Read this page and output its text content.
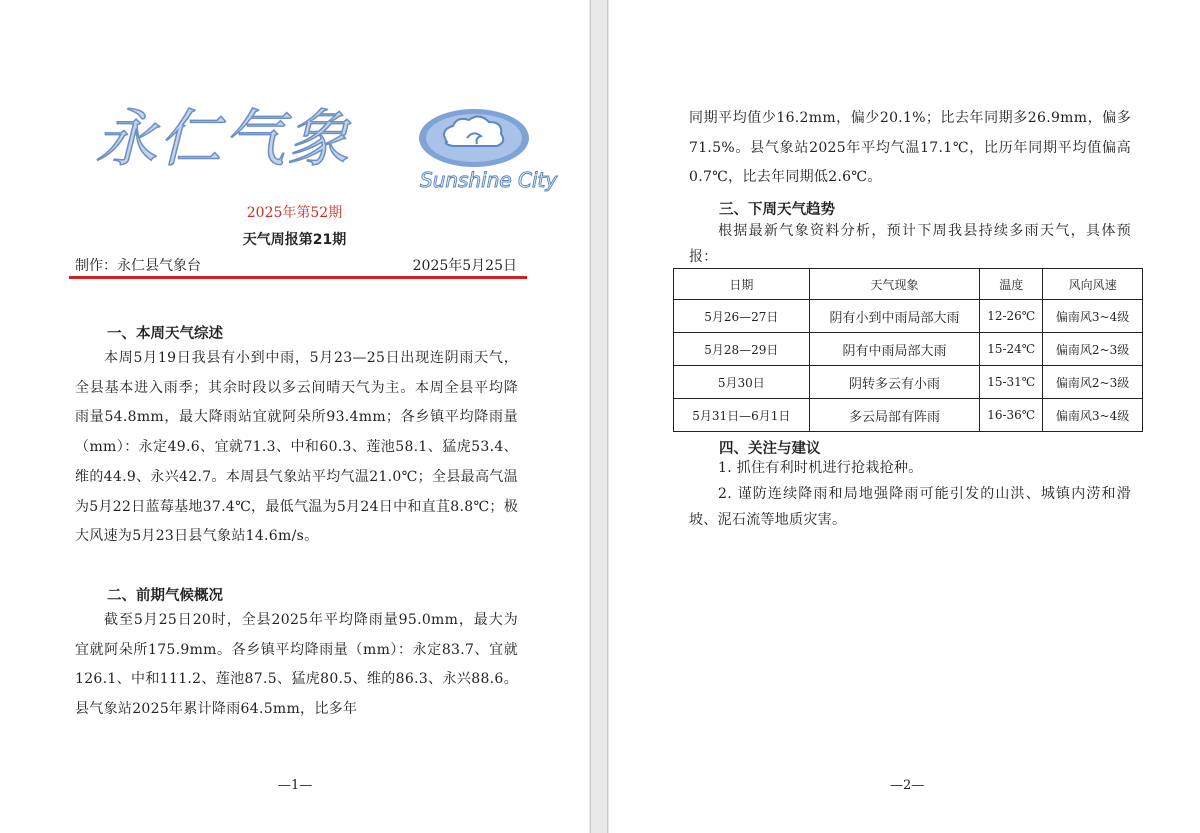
永仁气象
Sunshine City
2025年第52期
天气周报第21期
制作：永仁县气象台	2025年5月25日
一、本周天气综述
本周5月19日我县有小到中雨，5月23—25日出现连阴雨天气，全县基本进入雨季；其余时段以多云间晴天气为主。本周全县平均降雨量54.8mm，最大降雨站宜就阿朵所93.4mm；各乡镇平均降雨量（mm）：永定49.6、宜就71.3、中和60.3、莲池58.1、猛虎53.4、维的44.9、永兴42.7。本周县气象站平均气温21.0℃；全县最高气温为5月22日蓝莓基地37.4℃，最低气温为5月24日中和直苴8.8℃；极大风速为5月23日县气象站14.6m/s。
二、前期气候概况
截至5月25日20时，全县2025年平均降雨量95.0mm，最大为宜就阿朵所175.9mm。各乡镇平均降雨量（mm）：永定83.7、宜就126.1、中和111.2、莲池87.5、猛虎80.5、维的86.3、永兴88.6。县气象站2025年累计降雨64.5mm，比多年
—1—
同期平均值少16.2mm，偏少20.1%；比去年同期多26.9mm，偏多71.5%。县气象站2025年平均气温17.1℃，比历年同期平均值偏高0.7℃，比去年同期低2.6℃。
三、下周天气趋势
根据最新气象资料分析，预计下周我县持续多雨天气，具体预报：
四、关注与建议
1. 抓住有利时机进行抢栽抢种。
2. 谨防连续降雨和局地强降雨可能引发的山洪、城镇内涝和滑坡、泥石流等地质灾害。
—2—
日期	天气现象	温度	风向风速
5月26—27日	阴有小到中雨局部大雨	12-26℃	偏南风3~4级
5月28—29日	阴有中雨局部大雨	15-24℃	偏南风2~3级
5月30日	阴转多云有小雨	15-31℃	偏南风2~3级
5月31日—6月1日	多云局部有阵雨	16-36℃	偏南风3~4级
